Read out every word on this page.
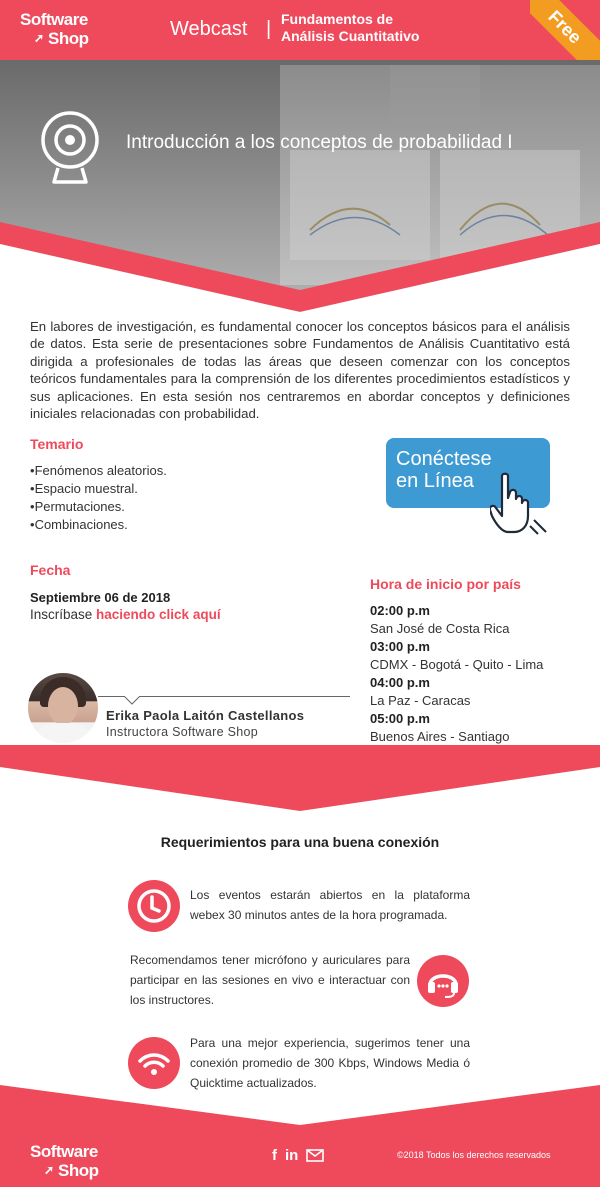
Software
➚ Shop	Webcast | Fundamentos de
Análisis Cuantitativo	Free
Introducción a los conceptos de probabilidad I

En labores de investigación, es fundamental conocer los conceptos básicos para el análisis de datos. Esta serie de presentaciones sobre Fundamentos de Análisis Cuantitativo está dirigida a profesionales de todas las áreas que deseen comenzar con los conceptos teóricos fundamentales para la comprensión de los diferentes procedimientos estadísticos y sus aplicaciones. En esta sesión nos centraremos en abordar conceptos y definiciones iniciales relacionadas con probabilidad.

Temario
• Fenómenos aleatorios.
• Espacio muestral.
• Permutaciones.
• Combinaciones.
Conéctese
en Línea
Fecha
Septiembre 06 de 2018
Inscríbase haciendo click aquí
Hora de inicio por país
02:00 p.m
San José de Costa Rica
03:00 p.m
CDMX - Bogotá - Quito - Lima
04:00 p.m
La Paz - Caracas
05:00 p.m
Buenos Aires - Santiago
Erika Paola Laitón Castellanos
Instructora Software Shop
Requerimientos para una buena conexión
Los eventos estarán abiertos en la plataforma webex 30 minutos antes de la hora programada.
Recomendamos tener micrófono y auriculares para participar en las sesiones en vivo e interactuar con los instructores.
Para una mejor experiencia, sugerimos tener una conexión promedio de 300 Kbps, Windows Media ó Quicktime actualizados.
Software
➚ Shop
f in	©2018 Todos los derechos reservados
